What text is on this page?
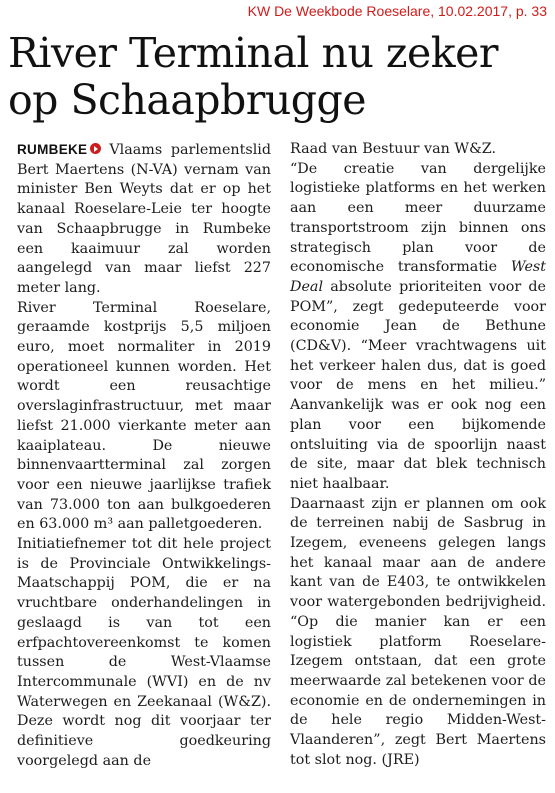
KW De Weekbode Roeselare, 10.02.2017, p. 33
River Terminal nu zeker op Schaapbrugge

RUMBEKE Vlaams parlementslid Bert Maertens (N-VA) vernam van minister Ben Weyts dat er op het kanaal Roeselare-Leie ter hoogte van Schaapbrugge in Rumbeke een kaaimuur zal worden aangelegd van maar liefst 227 meter lang.

River Terminal Roeselare, geraamde kostprijs 5,5 miljoen euro, moet normaliter in 2019 operationeel kunnen worden. Het wordt een reusachtige overslaginfrastructuur, met maar liefst 21.000 vierkante meter aan kaaiplateau. De nieuwe binnenvaartterminal zal zorgen voor een nieuwe jaarlijkse trafiek van 73.000 ton aan bulkgoederen en 63.000 m³ aan palletgoederen.

Initiatiefnemer tot dit hele project is de Provinciale Ontwikkelings-Maatschappij POM, die er na vruchtbare onderhandelingen in geslaagd is van tot een erfpachtovereenkomst te komen tussen de West-Vlaamse Intercommunale (WVI) en de nv Waterwegen en Zeekanaal (W&Z). Deze wordt nog dit voorjaar ter definitieve goedkeuring voorgelegd aan de

Raad van Bestuur van W&Z.

“De creatie van dergelijke logistieke platforms en het werken aan een meer duurzame transportstroom zijn binnen ons strategisch plan voor de economische transformatie West Deal absolute prioriteiten voor de POM”, zegt gedeputeerde voor economie Jean de Bethune (CD&V). “Meer vrachtwagens uit het verkeer halen dus, dat is goed voor de mens en het milieu.” Aanvankelijk was er ook nog een plan voor een bijkomende ontsluiting via de spoorlijn naast de site, maar dat blek technisch niet haalbaar.

Daarnaast zijn er plannen om ook de terreinen nabij de Sasbrug in Izegem, eveneens gelegen langs het kanaal maar aan de andere kant van de E403, te ontwikkelen voor watergebonden bedrijvigheid. “Op die manier kan er een logistiek platform Roeselare-Izegem ontstaan, dat een grote meerwaarde zal betekenen voor de economie en de ondernemingen in de hele regio Midden-West-Vlaanderen”, zegt Bert Maertens tot slot nog. (JRE)
